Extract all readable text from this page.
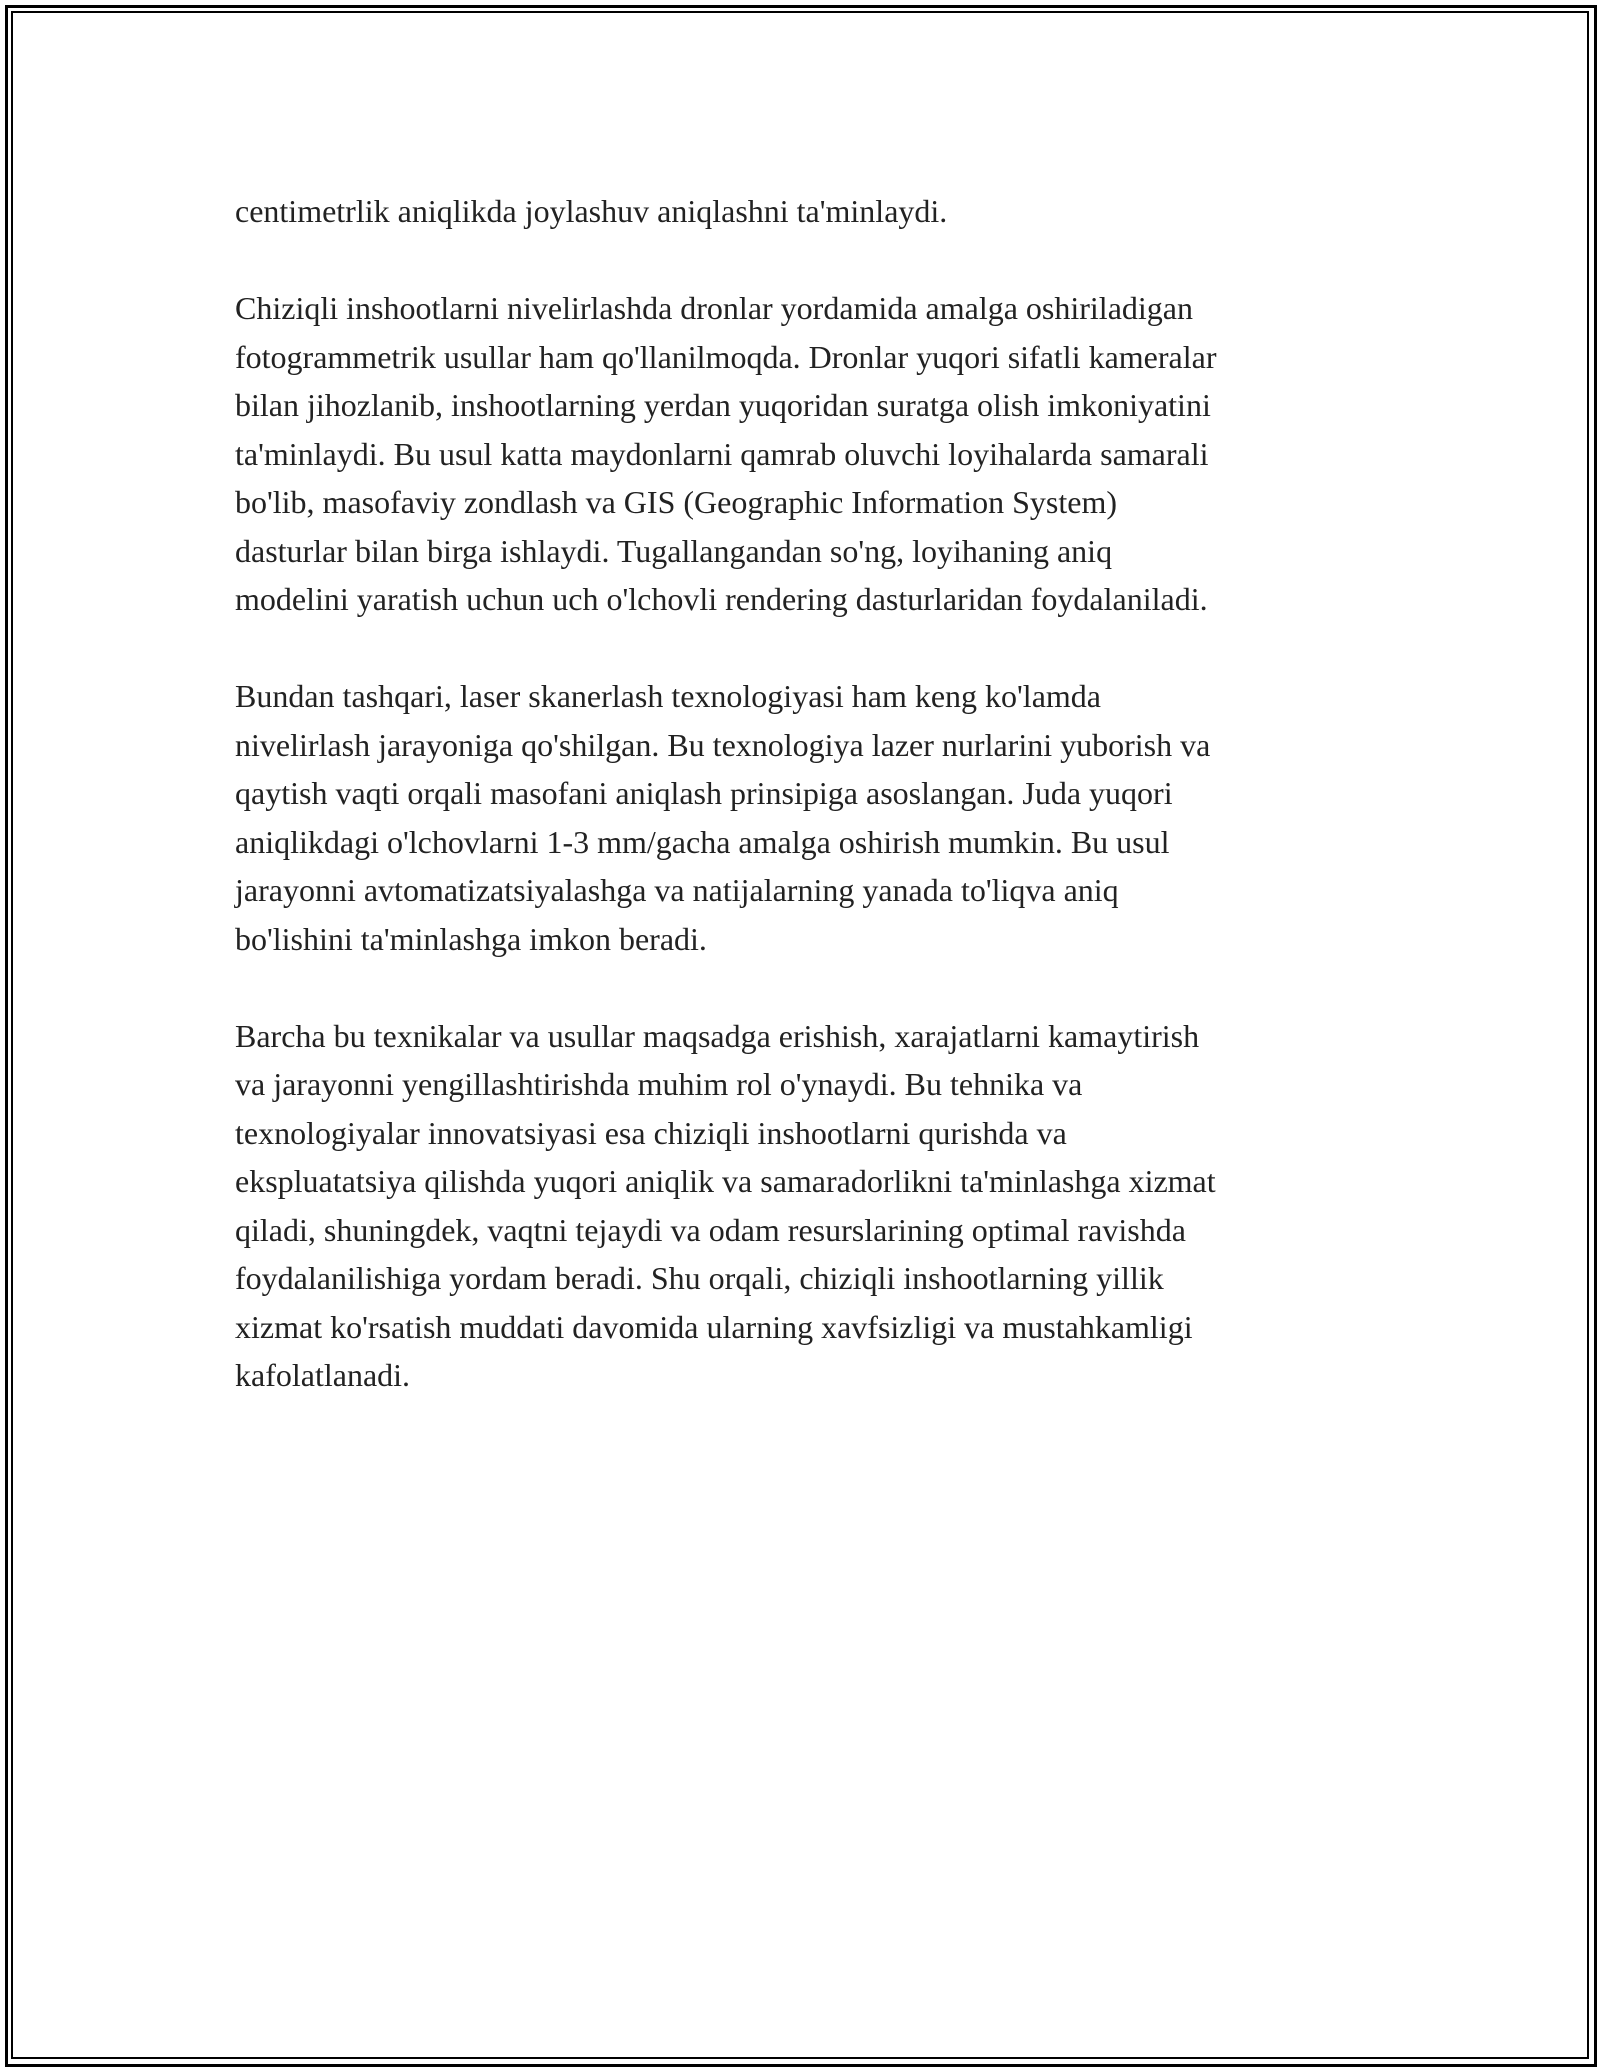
centimetrlik aniqlikda joylashuv aniqlashni ta'minlaydi.

Chiziqli inshootlarni nivelirlashda dronlar yordamida amalga oshiriladigan
fotogrammetrik usullar ham qo'llanilmoqda. Dronlar yuqori sifatli kameralar
bilan jihozlanib, inshootlarning yerdan yuqoridan suratga olish imkoniyatini
ta'minlaydi. Bu usul katta maydonlarni qamrab oluvchi loyihalarda samarali
bo'lib, masofaviy zondlash va GIS (Geographic Information System)
dasturlar bilan birga ishlaydi. Tugallangandan so'ng, loyihaning aniq
modelini yaratish uchun uch o'lchovli rendering dasturlaridan foydalaniladi.

Bundan tashqari, laser skanerlash texnologiyasi ham keng ko'lamda
nivelirlash jarayoniga qo'shilgan. Bu texnologiya lazer nurlarini yuborish va
qaytish vaqti orqali masofani aniqlash prinsipiga asoslangan. Juda yuqori
aniqlikdagi o'lchovlarni 1-3 mm/gacha amalga oshirish mumkin. Bu usul
jarayonni avtomatizatsiyalashga va natijalarning yanada to'liqva aniq
bo'lishini ta'minlashga imkon beradi.

Barcha bu texnikalar va usullar maqsadga erishish, xarajatlarni kamaytirish
va jarayonni yengillashtirishda muhim rol o'ynaydi. Bu tehnika va
texnologiyalar innovatsiyasi esa chiziqli inshootlarni qurishda va
ekspluatatsiya qilishda yuqori aniqlik va samaradorlikni ta'minlashga xizmat
qiladi, shuningdek, vaqtni tejaydi va odam resurslarining optimal ravishda
foydalanilishiga yordam beradi. Shu orqali, chiziqli inshootlarning yillik
xizmat ko'rsatish muddati davomida ularning xavfsizligi va mustahkamligi
kafolatlanadi.
